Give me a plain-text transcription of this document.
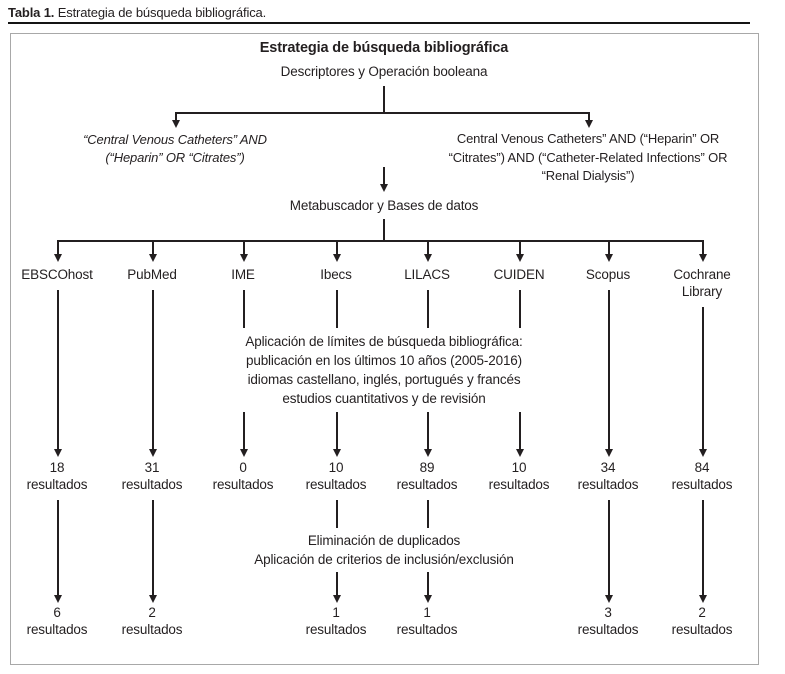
Tabla 1. Estrategia de búsqueda bibliográfica.
Estrategia de búsqueda bibliográfica
Descriptores y Operación booleana
“Central Venous Catheters” AND
(“Heparin” OR “Citrates”)
Central Venous Catheters” AND (“Heparin” OR
“Citrates”) AND (“Catheter-Related Infections” OR
“Renal Dialysis”)
Metabuscador y Bases de datos
EBSCOhost
18
resultados
6
resultados
PubMed
31
resultados
2
resultados
IME
0
resultados
Ibecs
10
resultados
1
resultados
LILACS
89
resultados
1
resultados
CUIDEN
10
resultados
Scopus
34
resultados
3
resultados
Cochrane Library
84
resultados
2
resultados
Aplicación de límites de búsqueda bibliográfica:
publicación en los últimos 10 años (2005-2016)
idiomas castellano, inglés, portugués y francés
estudios cuantitativos y de revisión
Eliminación de duplicados
Aplicación de criterios de inclusión/exclusión
